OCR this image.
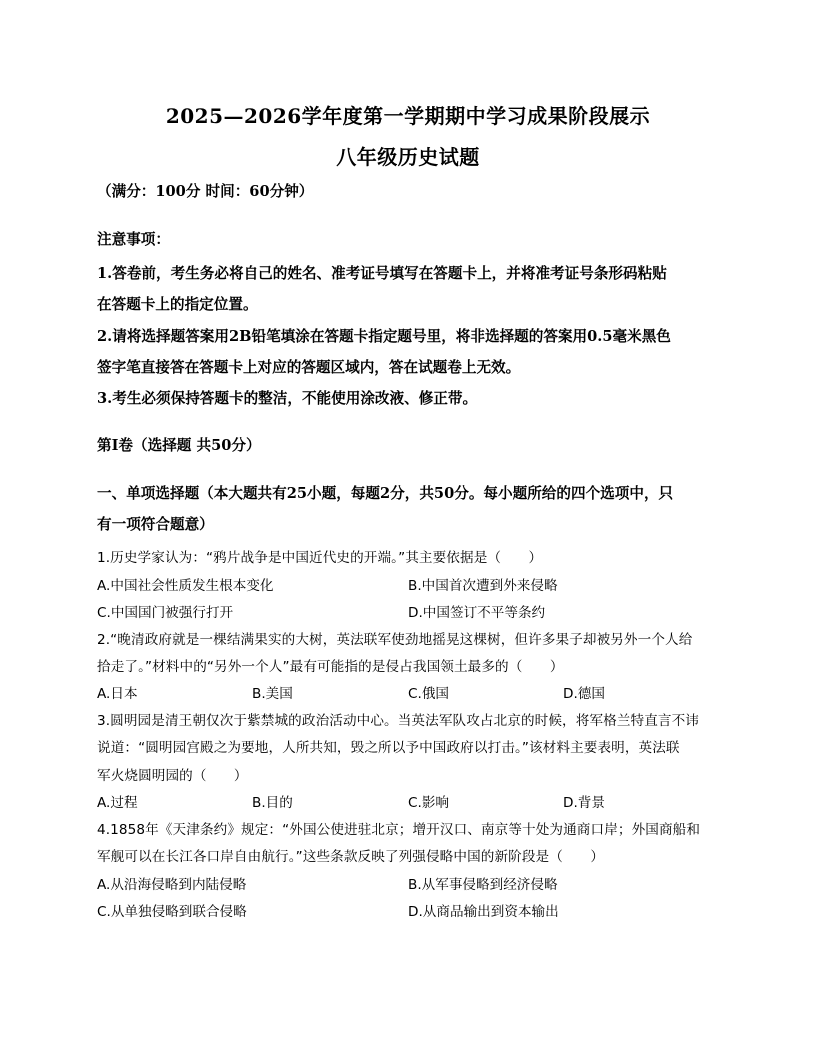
2025—2026学年度第一学期期中学习成果阶段展示
八年级历史试题
（满分：100分 时间：60分钟）
注意事项：
1.答卷前，考生务必将自己的姓名、准考证号填写在答题卡上，并将准考证号条形码粘贴
在答题卡上的指定位置。
2.请将选择题答案用2B铅笔填涂在答题卡指定题号里，将非选择题的答案用0.5毫米黑色
签字笔直接答在答题卡上对应的答题区域内，答在试题卷上无效。
3.考生必须保持答题卡的整洁，不能使用涂改液、修正带。
第Ⅰ卷（选择题 共50分）
一、单项选择题（本大题共有25小题，每题2分，共50分。每小题所给的四个选项中，只
有一项符合题意）
1.历史学家认为：“鸦片战争是中国近代史的开端。”其主要依据是（　　）
A.中国社会性质发生根本变化	B.中国首次遭到外来侵略
C.中国国门被强行打开	D.中国签订不平等条约
2.“晚清政府就是一棵结满果实的大树，英法联军使劲地摇晃这棵树，但许多果子却被另外一个人给
拾走了。”材料中的“另外一个人”最有可能指的是侵占我国领土最多的（　　）
A.日本	B.美国	C.俄国	D.德国
3.圆明园是清王朝仅次于紫禁城的政治活动中心。当英法军队攻占北京的时候，将军格兰特直言不讳
说道：“圆明园宫殿之为要地，人所共知，毁之所以予中国政府以打击。”该材料主要表明，英法联
军火烧圆明园的（　　）
A.过程	B.目的	C.影响	D.背景
4.1858年《天津条约》规定：“外国公使进驻北京；增开汉口、南京等十处为通商口岸；外国商船和
军舰可以在长江各口岸自由航行。”这些条款反映了列强侵略中国的新阶段是（　　）
A.从沿海侵略到内陆侵略	B.从军事侵略到经济侵略
C.从单独侵略到联合侵略	D.从商品输出到资本输出
